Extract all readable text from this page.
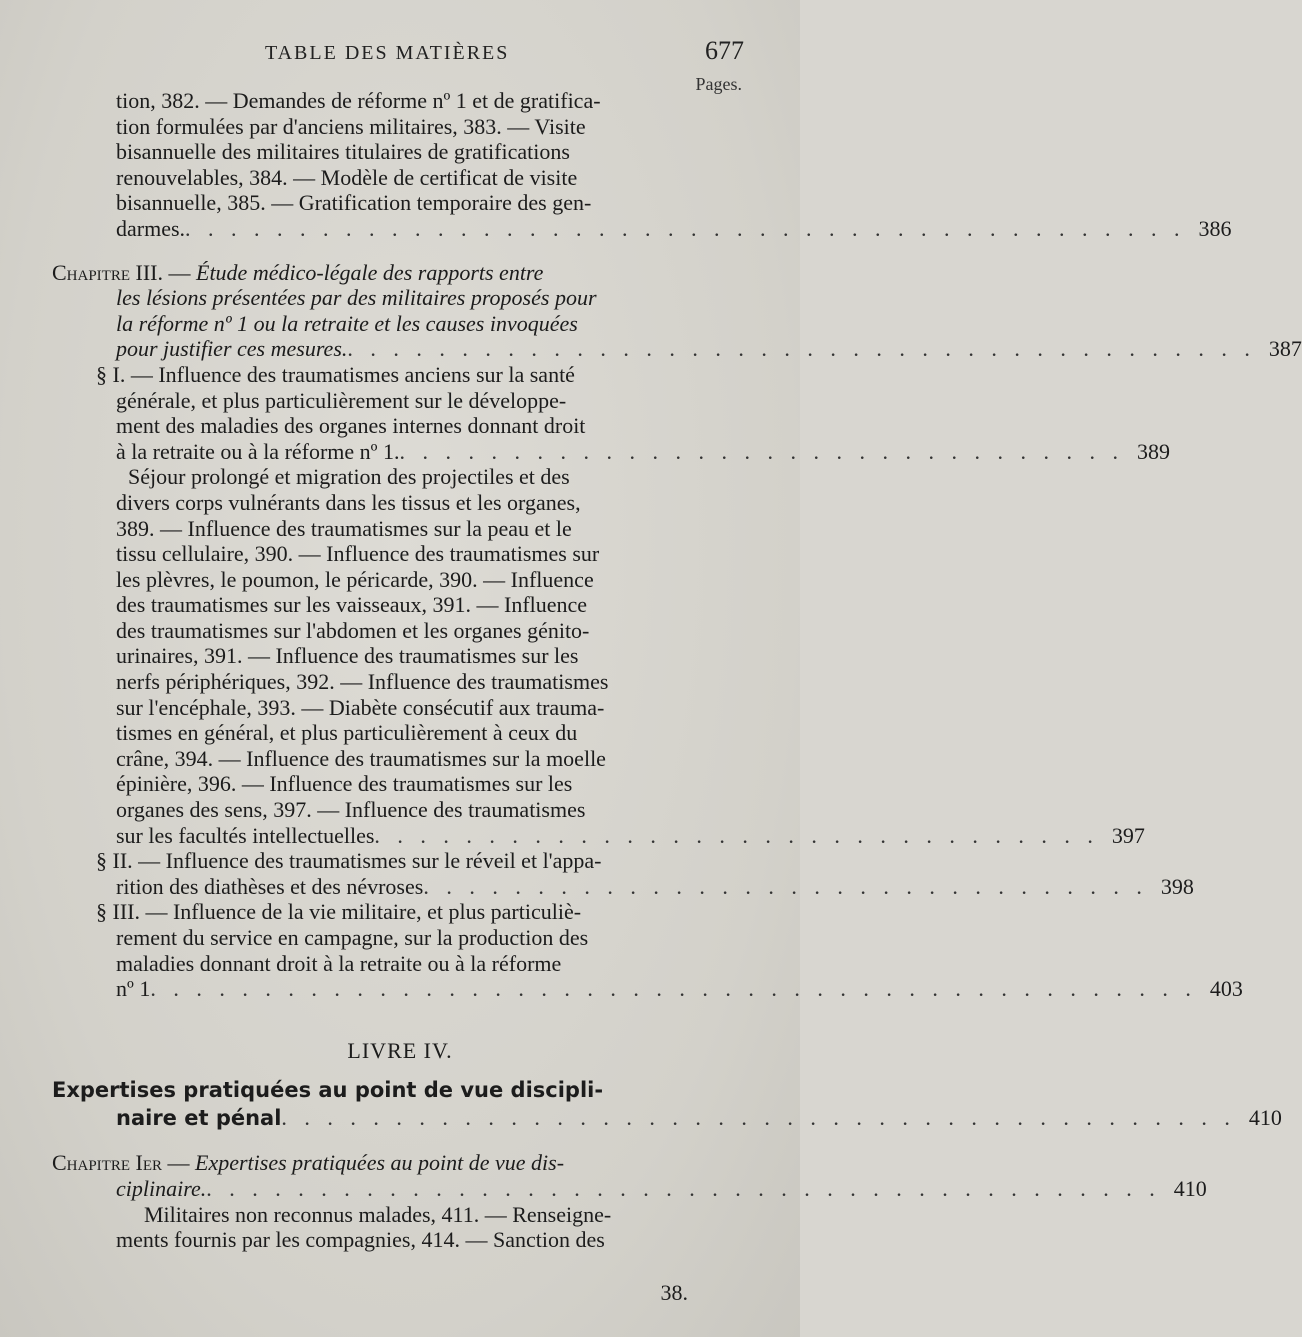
TABLE DES MATIÈRES	677
Pages.
tion, 382. — Demandes de réforme nº 1 et de gratifica-
tion formulées par d'anciens militaires, 383. — Visite
bisannuelle des militaires titulaires de gratifications
renouvelables, 384. — Modèle de certificat de visite
bisannuelle, 385. — Gratification temporaire des gen-
darmes. . . . . . . . . . . . . . . . . . . . . . . . . . . . . . . . . . . . . . . . . . . . . 386
Chapitre III. — Étude médico-légale des rapports entre
les lésions présentées par des militaires proposés pour
la réforme nº 1 ou la retraite et les causes invoquées
pour justifier ces mesures. . . . . . . . . . . . . . . . . . . . . . . . . . . . . . . . . . . . . . . . . 387
§ I. — Influence des traumatismes anciens sur la santé
générale, et plus particulièrement sur le développe-
ment des maladies des organes internes donnant droit
à la retraite ou à la réforme nº 1. . . . . . . . . . . . . . . . . . . . . . . . . . . . . . . . . 389
Séjour prolongé et migration des projectiles et des
divers corps vulnérants dans les tissus et les organes,
389. — Influence des traumatismes sur la peau et le
tissu cellulaire, 390. — Influence des traumatismes sur
les plèvres, le poumon, le péricarde, 390. — Influence
des traumatismes sur les vaisseaux, 391. — Influence
des traumatismes sur l'abdomen et les organes génito-
urinaires, 391. — Influence des traumatismes sur les
nerfs périphériques, 392. — Influence des traumatismes
sur l'encéphale, 393. — Diabète consécutif aux trauma-
tismes en général, et plus particulièrement à ceux du
crâne, 394. — Influence des traumatismes sur la moelle
épinière, 396. — Influence des traumatismes sur les
organes des sens, 397. — Influence des traumatismes
sur les facultés intellectuelles . . . . . . . . . . . . . . . . . . . . . . . . . . . . . . . . 397
§ II. — Influence des traumatismes sur le réveil et l'appa-
rition des diathèses et des névroses . . . . . . . . . . . . . . . . . . . . . . . . . . . . . . . . 398
§ III. — Influence de la vie militaire, et plus particuliè-
rement du service en campagne, sur la production des
maladies donnant droit à la retraite ou à la réforme
nº 1 . . . . . . . . . . . . . . . . . . . . . . . . . . . . . . . . . . . . . . . . . . . . . . 403
LIVRE IV.
Expertises pratiquées au point de vue discipli-
naire et pénal . . . . . . . . . . . . . . . . . . . . . . . . . . . . . . . . . . . . . . . . . . 410
Chapitre Ier — Expertises pratiquées au point de vue dis-
ciplinaire. . . . . . . . . . . . . . . . . . . . . . . . . . . . . . . . . . . . . . . . . . . 410
Militaires non reconnus malades, 411. — Renseigne-
ments fournis par les compagnies, 414. — Sanction des
38.
